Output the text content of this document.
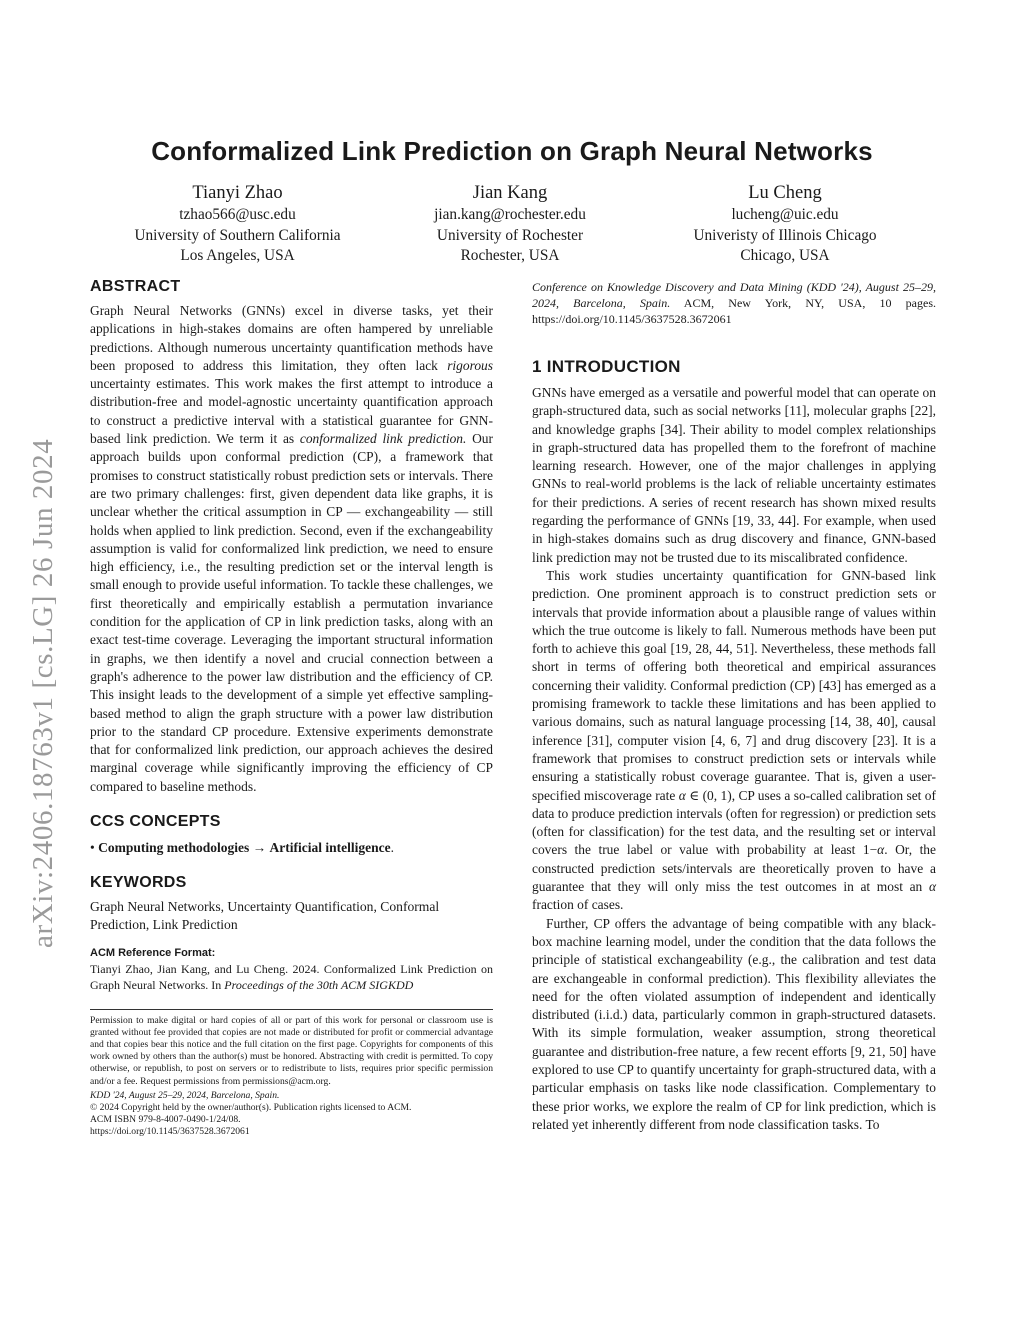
arXiv:2406.18763v1 [cs.LG] 26 Jun 2024
Conformalized Link Prediction on Graph Neural Networks
Tianyi Zhao
tzhao566@usc.edu
University of Southern California
Los Angeles, USA
Jian Kang
jian.kang@rochester.edu
University of Rochester
Rochester, USA
Lu Cheng
lucheng@uic.edu
Univeristy of Illinois Chicago
Chicago, USA
ABSTRACT

Graph Neural Networks (GNNs) excel in diverse tasks, yet their applications in high-stakes domains are often hampered by unreliable predictions. Although numerous uncertainty quantification methods have been proposed to address this limitation, they often lack rigorous uncertainty estimates. This work makes the first attempt to introduce a distribution-free and model-agnostic uncertainty quantification approach to construct a predictive interval with a statistical guarantee for GNN-based link prediction. We term it as conformalized link prediction. Our approach builds upon conformal prediction (CP), a framework that promises to construct statistically robust prediction sets or intervals. There are two primary challenges: first, given dependent data like graphs, it is unclear whether the critical assumption in CP — exchangeability — still holds when applied to link prediction. Second, even if the exchangeability assumption is valid for conformalized link prediction, we need to ensure high efficiency, i.e., the resulting prediction set or the interval length is small enough to provide useful information. To tackle these challenges, we first theoretically and empirically establish a permutation invariance condition for the application of CP in link prediction tasks, along with an exact test-time coverage. Leveraging the important structural information in graphs, we then identify a novel and crucial connection between a graph's adherence to the power law distribution and the efficiency of CP. This insight leads to the development of a simple yet effective sampling-based method to align the graph structure with a power law distribution prior to the standard CP procedure. Extensive experiments demonstrate that for conformalized link prediction, our approach achieves the desired marginal coverage while significantly improving the efficiency of CP compared to baseline methods.

CCS CONCEPTS
• Computing methodologies → Artificial intelligence.
KEYWORDS

Graph Neural Networks, Uncertainty Quantification, Conformal Prediction, Link Prediction

ACM Reference Format:

Tianyi Zhao, Jian Kang, and Lu Cheng. 2024. Conformalized Link Prediction on Graph Neural Networks. In Proceedings of the 30th ACM SIGKDD

Permission to make digital or hard copies of all or part of this work for personal or classroom use is granted without fee provided that copies are not made or distributed for profit or commercial advantage and that copies bear this notice and the full citation on the first page. Copyrights for components of this work owned by others than the author(s) must be honored. Abstracting with credit is permitted. To copy otherwise, or republish, to post on servers or to redistribute to lists, requires prior specific permission and/or a fee. Request permissions from permissions@acm.org.
KDD '24, August 25–29, 2024, Barcelona, Spain.
© 2024 Copyright held by the owner/author(s). Publication rights licensed to ACM.
ACM ISBN 979-8-4007-0490-1/24/08.
https://doi.org/10.1145/3637528.3672061

Conference on Knowledge Discovery and Data Mining (KDD '24), August 25–29, 2024, Barcelona, Spain. ACM, New York, NY, USA, 10 pages. https://doi.org/10.1145/3637528.3672061

1 INTRODUCTION

GNNs have emerged as a versatile and powerful model that can operate on graph-structured data, such as social networks [11], molecular graphs [22], and knowledge graphs [34]. Their ability to model complex relationships in graph-structured data has propelled them to the forefront of machine learning research. However, one of the major challenges in applying GNNs to real-world problems is the lack of reliable uncertainty estimates for their predictions. A series of recent research has shown mixed results regarding the performance of GNNs [19, 33, 44]. For example, when used in high-stakes domains such as drug discovery and finance, GNN-based link prediction may not be trusted due to its miscalibrated confidence.

This work studies uncertainty quantification for GNN-based link prediction. One prominent approach is to construct prediction sets or intervals that provide information about a plausible range of values within which the true outcome is likely to fall. Numerous methods have been put forth to achieve this goal [19, 28, 44, 51]. Nevertheless, these methods fall short in terms of offering both theoretical and empirical assurances concerning their validity. Conformal prediction (CP) [43] has emerged as a promising framework to tackle these limitations and has been applied to various domains, such as natural language processing [14, 38, 40], causal inference [31], computer vision [4, 6, 7] and drug discovery [23]. It is a framework that promises to construct prediction sets or intervals while ensuring a statistically robust coverage guarantee. That is, given a user-specified miscoverage rate α ∈ (0, 1), CP uses a so-called calibration set of data to produce prediction intervals (often for regression) or prediction sets (often for classification) for the test data, and the resulting set or interval covers the true label or value with probability at least 1−α. Or, the constructed prediction sets/intervals are theoretically proven to have a guarantee that they will only miss the test outcomes in at most an α fraction of cases.

Further, CP offers the advantage of being compatible with any black-box machine learning model, under the condition that the data follows the principle of statistical exchangeability (e.g., the calibration and test data are exchangeable in conformal prediction). This flexibility alleviates the need for the often violated assumption of independent and identically distributed (i.i.d.) data, particularly common in graph-structured datasets. With its simple formulation, weaker assumption, strong theoretical guarantee and distribution-free nature, a few recent efforts [9, 21, 50] have explored to use CP to quantify uncertainty for graph-structured data, with a particular emphasis on tasks like node classification. Complementary to these prior works, we explore the realm of CP for link prediction, which is related yet inherently different from node classification tasks. To
